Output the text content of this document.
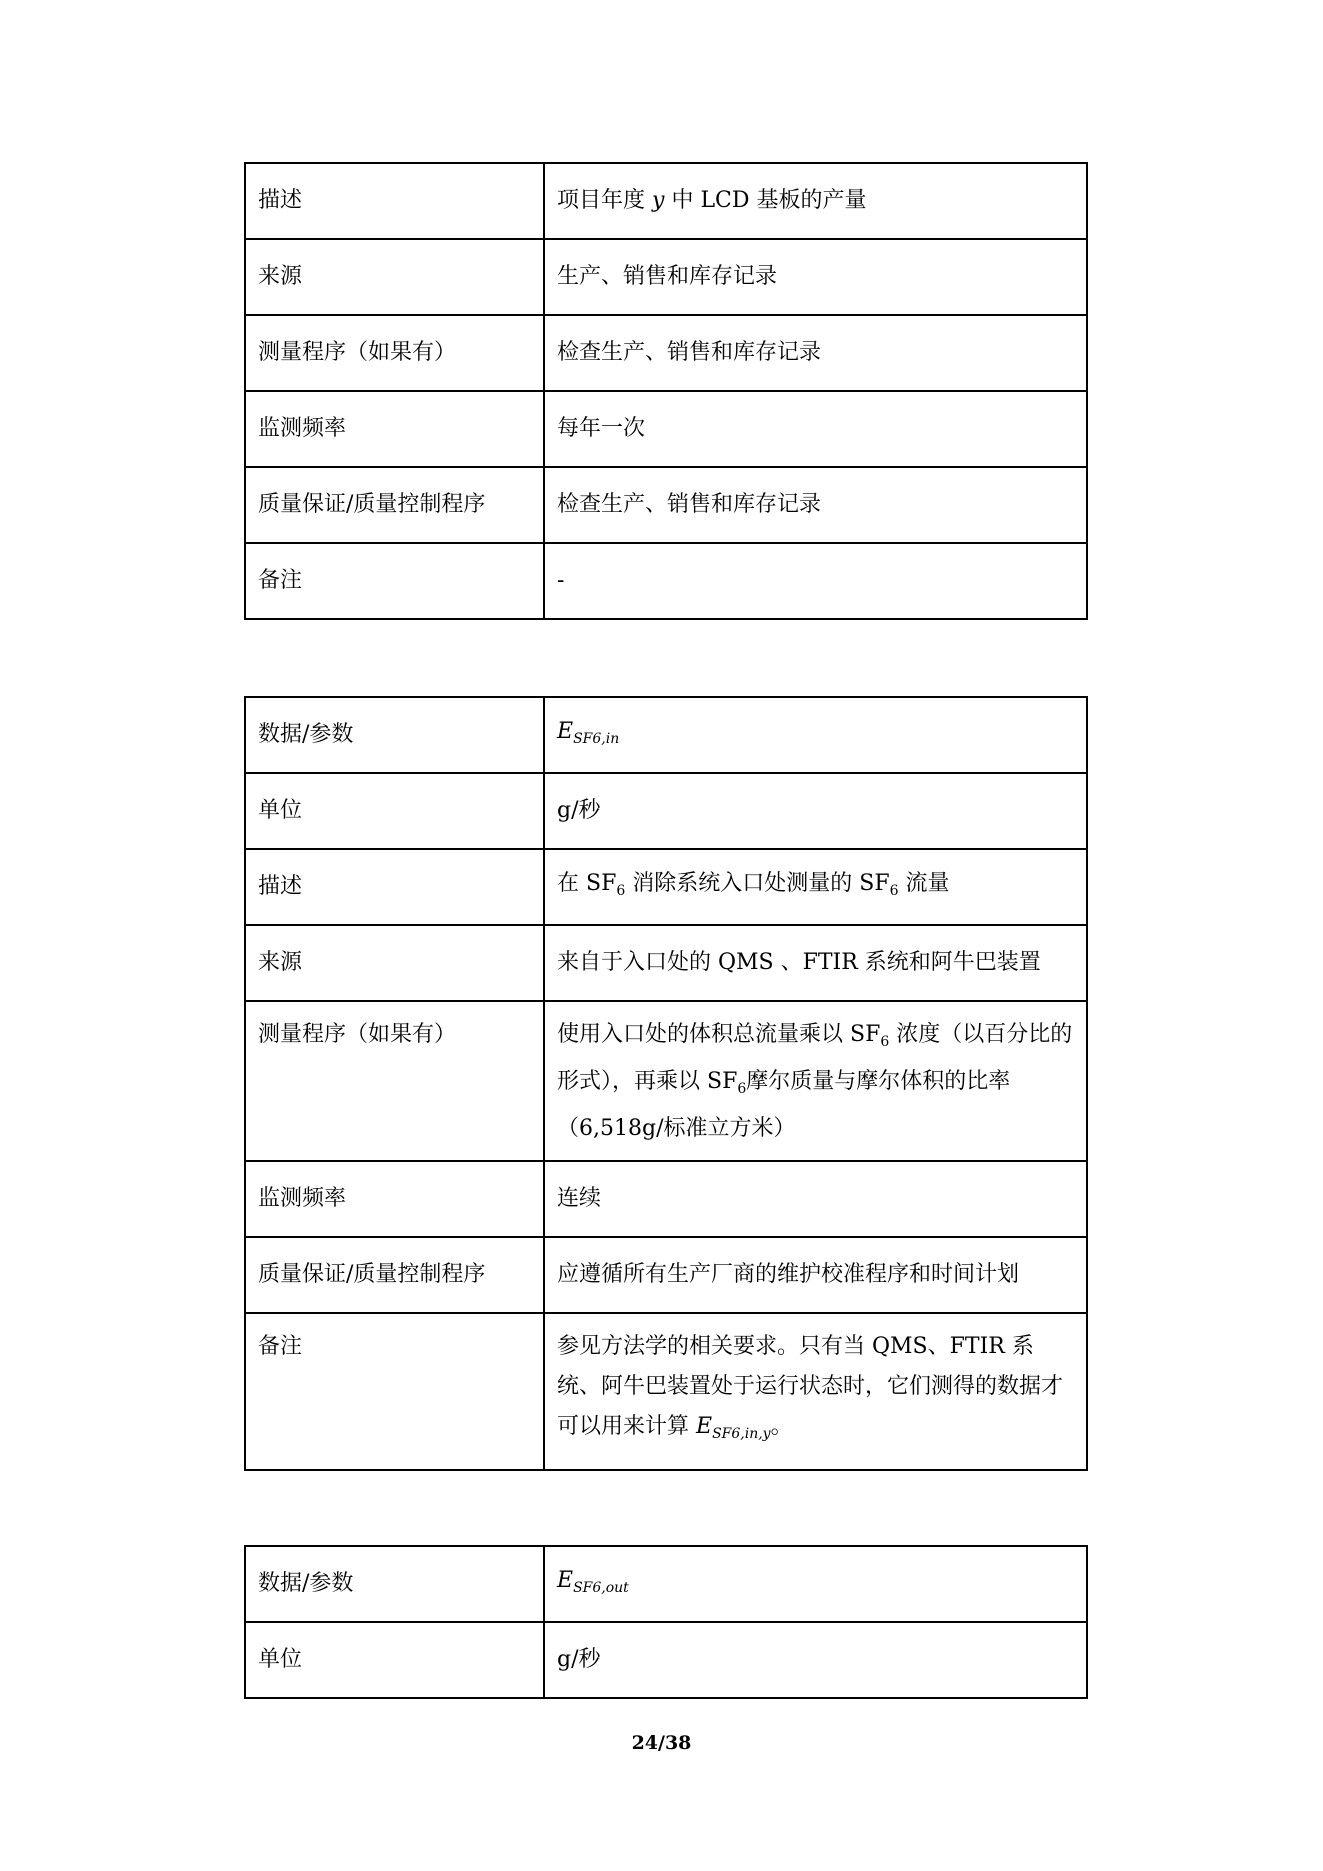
描述	项目年度 y 中 LCD 基板的产量
来源	生产、销售和库存记录
测量程序（如果有）	检查生产、销售和库存记录
监测频率	每年一次
质量保证/质量控制程序	检查生产、销售和库存记录
备注	-
数据/参数	$E_{SF6,in}$
单位	g/秒
描述	在 $SF_6$ 消除系统入口处测量的 $SF_6$ 流量
来源	来自于入口处的 QMS 、FTIR 系统和阿牛巴装置
测量程序（如果有）	使用入口处的体积总流量乘以 $SF_6$ 浓度（以百分比的形式），再乘以 $SF_6$摩尔质量与摩尔体积的比率（6,518g/标准立方米）
监测频率	连续
质量保证/质量控制程序	应遵循所有生产厂商的维护校准程序和时间计划
备注	参见方法学的相关要求。只有当 QMS、FTIR 系统、阿牛巴装置处于运行状态时，它们测得的数据才可以用来计算 $E_{SF6,in,y}$。
数据/参数	$E_{SF6,out}$
单位	g/秒
24/38
